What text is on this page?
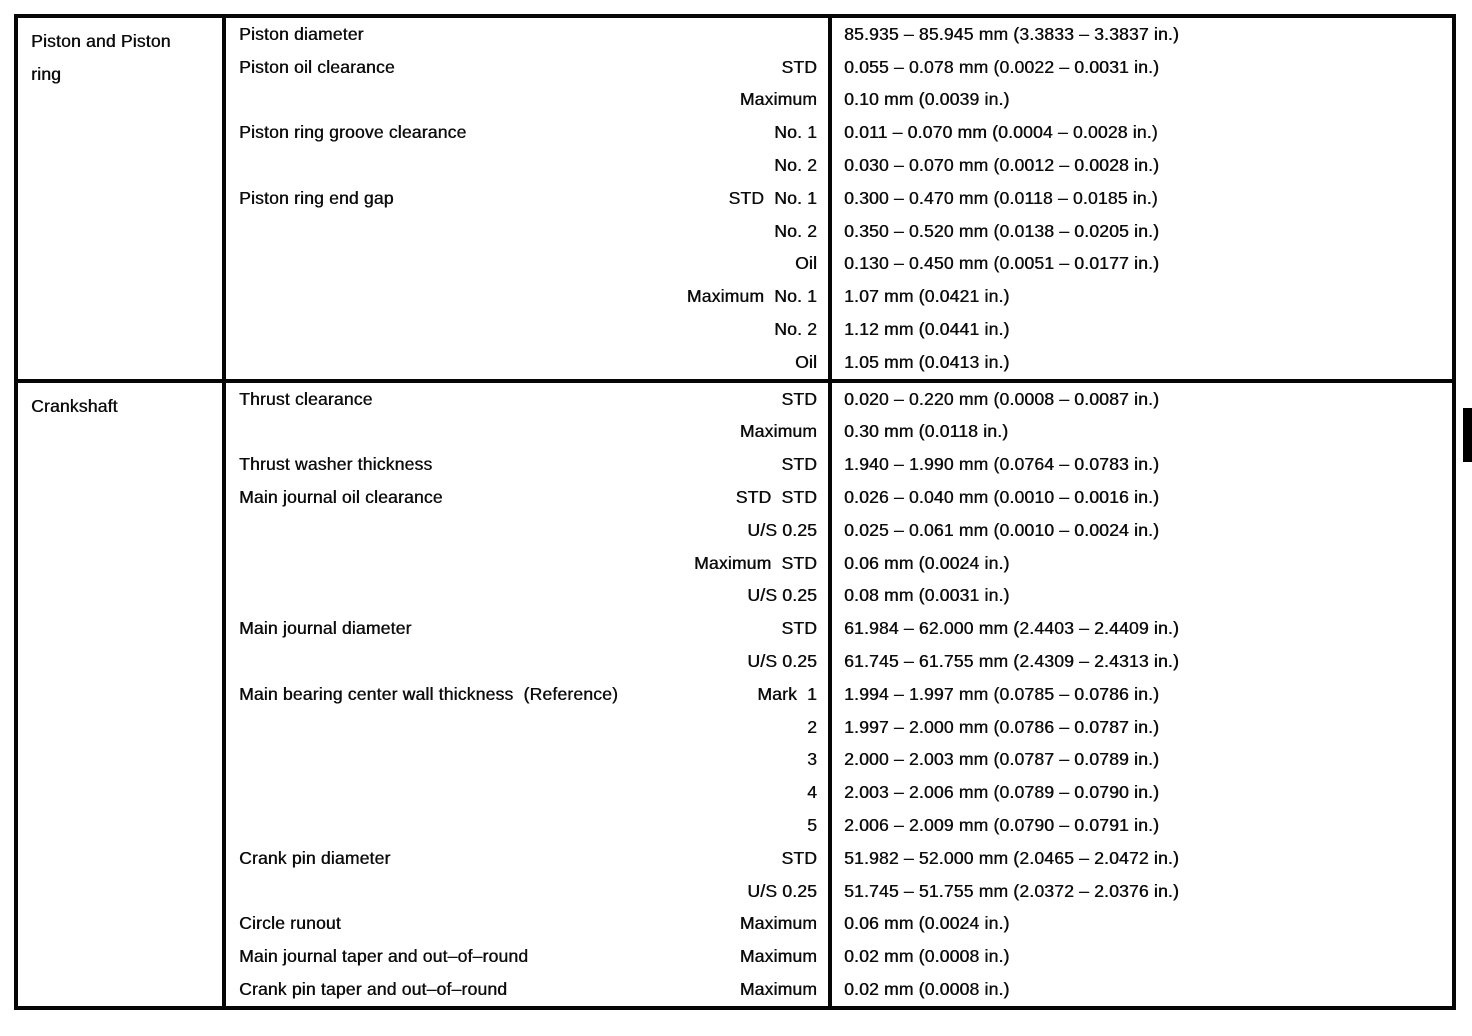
Piston and Piston
ring
Piston diameter	85.935 – 85.945 mm (3.3833 – 3.3837 in.)
Piston oil clearance	STD	0.055 – 0.078 mm (0.0022 – 0.0031 in.)
Maximum	0.10 mm (0.0039 in.)
Piston ring groove clearance	No. 1	0.011 – 0.070 mm (0.0004 – 0.0028 in.)
No. 2	0.030 – 0.070 mm (0.0012 – 0.0028 in.)
Piston ring end gap	STD  No. 1	0.300 – 0.470 mm (0.0118 – 0.0185 in.)
No. 2	0.350 – 0.520 mm (0.0138 – 0.0205 in.)
Oil	0.130 – 0.450 mm (0.0051 – 0.0177 in.)
Maximum  No. 1	1.07 mm (0.0421 in.)
No. 2	1.12 mm (0.0441 in.)
Oil	1.05 mm (0.0413 in.)
Crankshaft	Thrust clearance	STD	0.020 – 0.220 mm (0.0008 – 0.0087 in.)
Maximum	0.30 mm (0.0118 in.)
Thrust washer thickness	STD	1.940 – 1.990 mm (0.0764 – 0.0783 in.)
Main journal oil clearance	STD  STD	0.026 – 0.040 mm (0.0010 – 0.0016 in.)
U/S 0.25	0.025 – 0.061 mm (0.0010 – 0.0024 in.)
Maximum  STD	0.06 mm (0.0024 in.)
U/S 0.25	0.08 mm (0.0031 in.)
Main journal diameter	STD	61.984 – 62.000 mm (2.4403 – 2.4409 in.)
U/S 0.25	61.745 – 61.755 mm (2.4309 – 2.4313 in.)
Main bearing center wall thickness  (Reference)	Mark  1	1.994 – 1.997 mm (0.0785 – 0.0786 in.)
2	1.997 – 2.000 mm (0.0786 – 0.0787 in.)
3	2.000 – 2.003 mm (0.0787 – 0.0789 in.)
4	2.003 – 2.006 mm (0.0789 – 0.0790 in.)
5	2.006 – 2.009 mm (0.0790 – 0.0791 in.)
Crank pin diameter	STD	51.982 – 52.000 mm (2.0465 – 2.0472 in.)
U/S 0.25	51.745 – 51.755 mm (2.0372 – 2.0376 in.)
Circle runout	Maximum	0.06 mm (0.0024 in.)
Main journal taper and out–of–round	Maximum	0.02 mm (0.0008 in.)
Crank pin taper and out–of–round	Maximum	0.02 mm (0.0008 in.)
